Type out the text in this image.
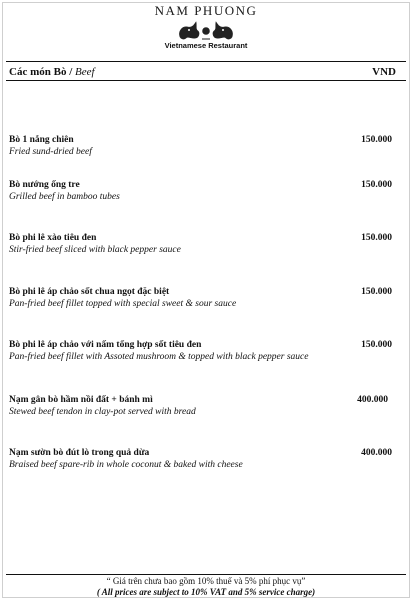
NAM PHUONG
Vietnamese Restaurant
Các món Bò / Beef	VND
Bò 1 nắng chiên
Fried sund-dried beef
150.000
Bò nướng ống tre
Grilled beef in bamboo tubes
150.000
Bò phi lê xào tiêu đen
Stir-fried beef sliced with black pepper sauce
150.000
Bò phi lê áp chảo sốt chua ngọt đặc biệt
Pan-fried beef fillet topped with special sweet & sour sauce
150.000
Bò phi lê áp chảo với nấm tổng hợp sốt tiêu đen
Pan-fried beef fillet with Assoted mushroom & topped with black pepper sauce
150.000
Nạm gân bò hầm nồi đất + bánh mì
Stewed beef tendon in clay-pot served with bread
400.000
Nạm sườn bò đút lò trong quả dừa
Braised beef spare-rib in whole coconut & baked with cheese
400.000
“ Giá trên chưa bao gồm 10% thuế và 5% phí phục vụ”
( All prices are subject to 10% VAT and 5% service charge)
